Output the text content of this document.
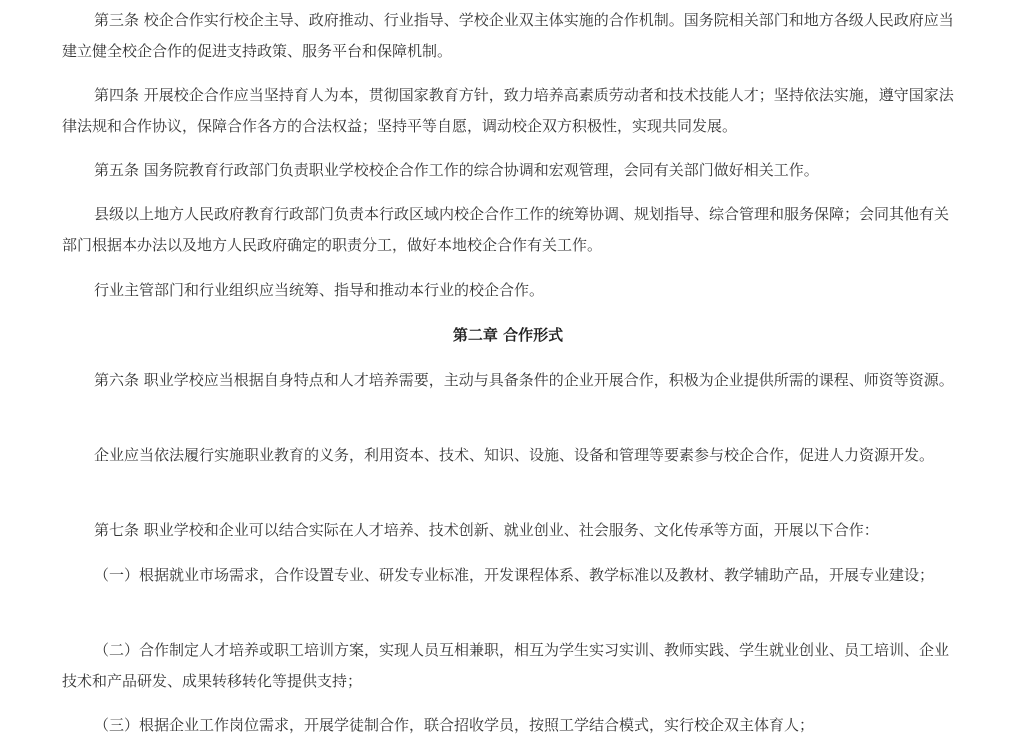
第三条 校企合作实行校企主导、政府推动、行业指导、学校企业双主体实施的合作机制。国务院相关部门和地方各级人民政府应当建立健全校企合作的促进支持政策、服务平台和保障机制。

第四条 开展校企合作应当坚持育人为本，贯彻国家教育方针，致力培养高素质劳动者和技术技能人才；坚持依法实施，遵守国家法律法规和合作协议，保障合作各方的合法权益；坚持平等自愿，调动校企双方积极性，实现共同发展。

第五条 国务院教育行政部门负责职业学校校企合作工作的综合协调和宏观管理，会同有关部门做好相关工作。

县级以上地方人民政府教育行政部门负责本行政区域内校企合作工作的统筹协调、规划指导、综合管理和服务保障；会同其他有关部门根据本办法以及地方人民政府确定的职责分工，做好本地校企合作有关工作。

行业主管部门和行业组织应当统筹、指导和推动本行业的校企合作。

第二章 合作形式

第六条 职业学校应当根据自身特点和人才培养需要，主动与具备条件的企业开展合作，积极为企业提供所需的课程、师资等资源。

企业应当依法履行实施职业教育的义务，利用资本、技术、知识、设施、设备和管理等要素参与校企合作，促进人力资源开发。

第七条 职业学校和企业可以结合实际在人才培养、技术创新、就业创业、社会服务、文化传承等方面，开展以下合作：

（一）根据就业市场需求，合作设置专业、研发专业标准，开发课程体系、教学标准以及教材、教学辅助产品，开展专业建设；

（二）合作制定人才培养或职工培训方案，实现人员互相兼职，相互为学生实习实训、教师实践、学生就业创业、员工培训、企业技术和产品研发、成果转移转化等提供支持；

（三）根据企业工作岗位需求，开展学徒制合作，联合招收学员，按照工学结合模式，实行校企双主体育人；
